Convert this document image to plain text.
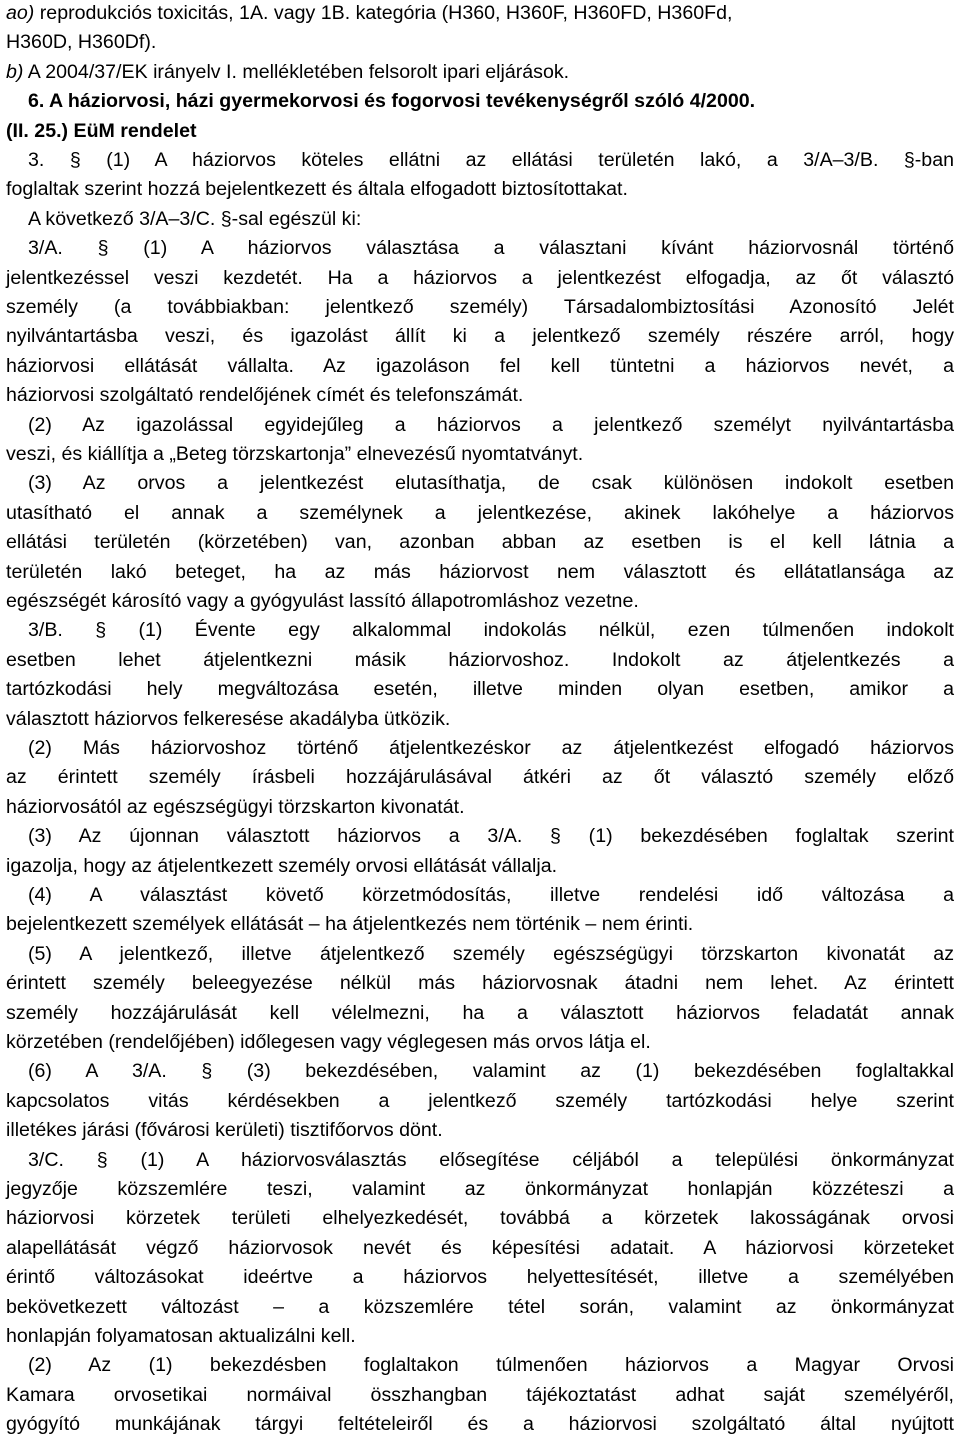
ao) reprodukciós toxicitás, 1A. vagy 1B. kategória (H360, H360F, H360FD, H360Fd,
H360D, H360Df).
b) A 2004/37/EK irányelv I. mellékletében felsorolt ipari eljárások.
6. A háziorvosi, házi gyermekorvosi és fogorvosi tevékenységről szóló 4/2000.
(II. 25.) EüM rendelet
3. § (1) A háziorvos köteles ellátni az ellátási területén lakó, a 3/A–3/B. §-ban
foglaltak szerint hozzá bejelentkezett és általa elfogadott biztosítottakat.
A következő 3/A–3/C. §-sal egészül ki:
3/A. § (1) A háziorvos választása a választani kívánt háziorvosnál történő
jelentkezéssel veszi kezdetét. Ha a háziorvos a jelentkezést elfogadja, az őt választó
személy (a továbbiakban: jelentkező személy) Társadalombiztosítási Azonosító Jelét
nyilvántartásba veszi, és igazolást állít ki a jelentkező személy részére arról, hogy
háziorvosi ellátását vállalta. Az igazoláson fel kell tüntetni a háziorvos nevét, a
háziorvosi szolgáltató rendelőjének címét és telefonszámát.
(2) Az igazolással egyidejűleg a háziorvos a jelentkező személyt nyilvántartásba
veszi, és kiállítja a „Beteg törzskartonja” elnevezésű nyomtatványt.
(3) Az orvos a jelentkezést elutasíthatja, de csak különösen indokolt esetben
utasítható el annak a személynek a jelentkezése, akinek lakóhelye a háziorvos
ellátási területén (körzetében) van, azonban abban az esetben is el kell látnia a
területén lakó beteget, ha az más háziorvost nem választott és ellátatlansága az
egészségét károsító vagy a gyógyulást lassító állapotromláshoz vezetne.
3/B. § (1) Évente egy alkalommal indokolás nélkül, ezen túlmenően indokolt
esetben lehet átjelentkezni másik háziorvoshoz. Indokolt az átjelentkezés a
tartózkodási hely megváltozása esetén, illetve minden olyan esetben, amikor a
választott háziorvos felkeresése akadályba ütközik.
(2) Más háziorvoshoz történő átjelentkezéskor az átjelentkezést elfogadó háziorvos
az érintett személy írásbeli hozzájárulásával átkéri az őt választó személy előző
háziorvosától az egészségügyi törzskarton kivonatát.
(3) Az újonnan választott háziorvos a 3/A. § (1) bekezdésében foglaltak szerint
igazolja, hogy az átjelentkezett személy orvosi ellátását vállalja.
(4) A választást követő körzetmódosítás, illetve rendelési idő változása a
bejelentkezett személyek ellátását – ha átjelentkezés nem történik – nem érinti.
(5) A jelentkező, illetve átjelentkező személy egészségügyi törzskarton kivonatát az
érintett személy beleegyezése nélkül más háziorvosnak átadni nem lehet. Az érintett
személy hozzájárulását kell vélelmezni, ha a választott háziorvos feladatát annak
körzetében (rendelőjében) időlegesen vagy véglegesen más orvos látja el.
(6) A 3/A. § (3) bekezdésében, valamint az (1) bekezdésében foglaltakkal
kapcsolatos vitás kérdésekben a jelentkező személy tartózkodási helye szerint
illetékes járási (fővárosi kerületi) tisztifőorvos dönt.
3/C. § (1) A háziorvosválasztás elősegítése céljából a települési önkormányzat
jegyzője közszemlére teszi, valamint az önkormányzat honlapján közzéteszi a
háziorvosi körzetek területi elhelyezkedését, továbbá a körzetek lakosságának orvosi
alapellátását végző háziorvosok nevét és képesítési adatait. A háziorvosi körzeteket
érintő változásokat ideértve a háziorvos helyettesítését, illetve a személyében
bekövetkezett változást – a közszemlére tétel során, valamint az önkormányzat
honlapján folyamatosan aktualizálni kell.
(2) Az (1) bekezdésben foglaltakon túlmenően háziorvos a Magyar Orvosi
Kamara orvosetikai normáival összhangban tájékoztatást adhat saját személyéről,
gyógyító munkájának tárgyi feltételeiről és a háziorvosi szolgáltató által nyújtott
